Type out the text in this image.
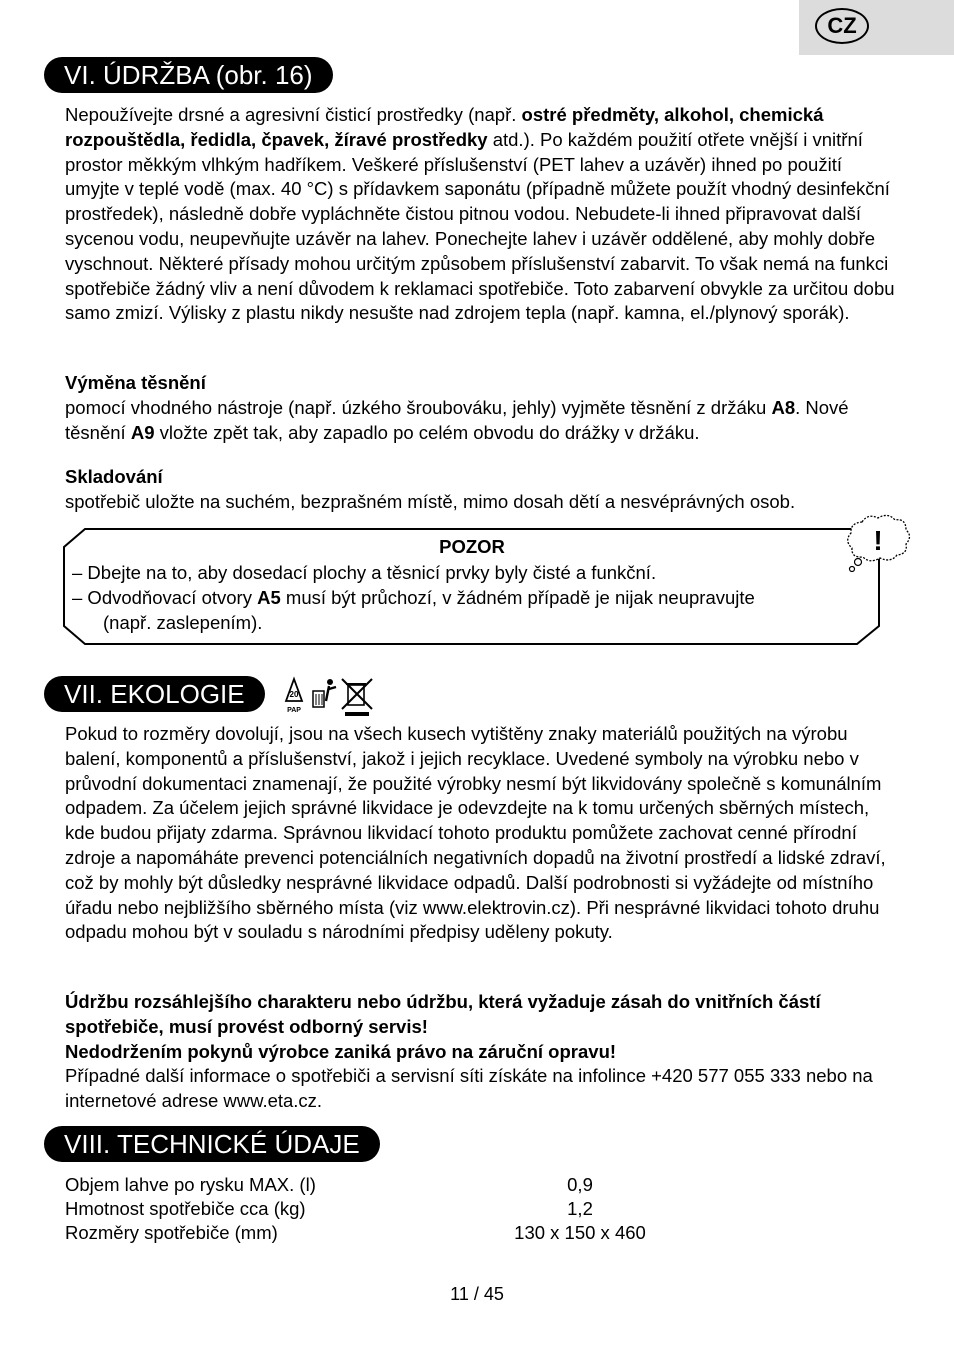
CZ
VI. ÚDRŽBA (obr. 16)

Nepoužívejte drsné a agresivní čisticí prostředky (např. ostré předměty, alkohol, chemická rozpouštědla, ředidla, čpavek, žíravé prostředky atd.). Po každém použití otřete vnější i vnitřní prostor měkkým vlhkým hadříkem. Veškeré příslušenství (PET lahev a uzávěr) ihned po použití umyjte v teplé vodě (max. 40 °C) s přídavkem saponátu (případně můžete použít vhodný desinfekční prostředek), následně dobře vypláchněte čistou pitnou vodou. Nebudete-li ihned připravovat další sycenou vodu, neupevňujte uzávěr na lahev. Ponechejte lahev i uzávěr oddělené, aby mohly dobře vyschnout. Některé přísady mohou určitým způsobem příslušenství zabarvit. To však nemá na funkci spotřebiče žádný vliv a není důvodem k reklamaci spotřebiče. Toto zabarvení obvykle za určitou dobu samo zmizí. Výlisky z plastu nikdy nesušte nad zdrojem tepla (např. kamna, el./plynový sporák).

Výměna těsnění
pomocí vhodného nástroje (např. úzkého šroubováku, jehly) vyjměte těsnění z držáku A8. Nové těsnění A9 vložte zpět tak, aby zapadlo po celém obvodu do drážky v držáku.

Skladování
spotřebič uložte na suchém, bezprašném místě, mimo dosah dětí a nesvéprávných osob.

POZOR
– Dbejte na to, aby dosedací plochy a těsnicí prvky byly čisté a funkční.
– Odvodňovací otvory A5 musí být průchozí, v žádném případě je nijak neupravujte
(např. zaslepením).
!
VII. EKOLOGIE	20
PAP

Pokud to rozměry dovolují, jsou na všech kusech vytištěny znaky materiálů použitých na výrobu balení, komponentů a příslušenství, jakož i jejich recyklace. Uvedené symboly na výrobku nebo v průvodní dokumentaci znamenají, že použité výrobky nesmí být likvidovány společně s komunálním odpadem. Za účelem jejich správné likvidace je odevzdejte na k tomu určených sběrných místech, kde budou přijaty zdarma. Správnou likvidací tohoto produktu pomůžete zachovat cenné přírodní zdroje a napomáháte prevenci potenciálních negativních dopadů na životní prostředí a lidské zdraví, což by mohly být důsledky nesprávné likvidace odpadů. Další podrobnosti si vyžádejte od místního úřadu nebo nejbližšího sběrného místa (viz www.elektrovin.cz). Při nesprávné likvidaci tohoto druhu odpadu mohou být v souladu s národními předpisy uděleny pokuty.

Údržbu rozsáhlejšího charakteru nebo údržbu, která vyžaduje zásah do vnitřních částí spotřebiče, musí provést odborný servis!
Nedodržením pokynů výrobce zaniká právo na záruční opravu!
Případné další informace o spotřebiči a servisní síti získáte na infolince +420 577 055 333 nebo na internetové adrese www.eta.cz.

VIII. TECHNICKÉ ÚDAJE
Objem lahve po rysku MAX. (l)	0,9
Hmotnost spotřebiče cca (kg)	1,2
Rozměry spotřebiče (mm)	130 x 150 x 460
11 / 45
